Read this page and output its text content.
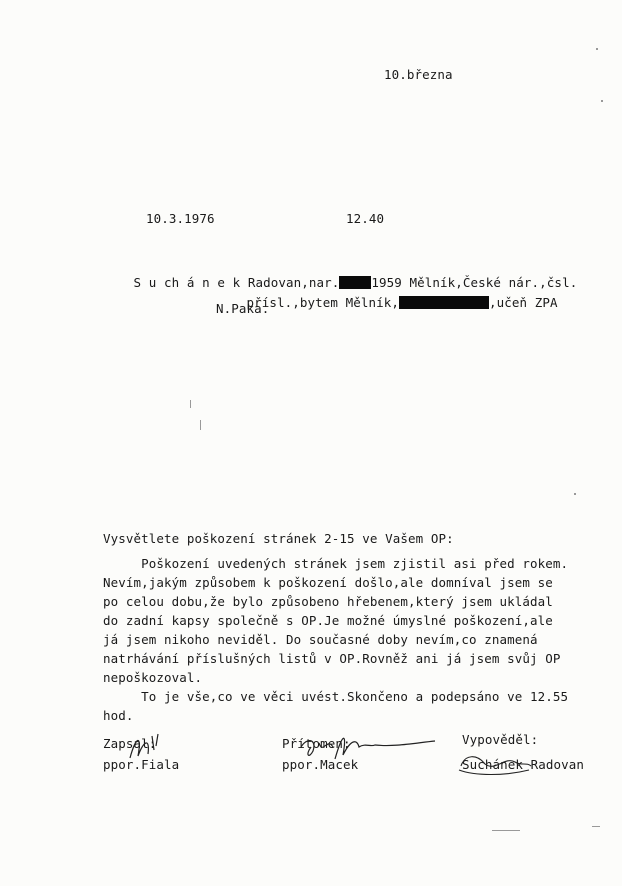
10.března
10.3.1976	12.40

S u ch á n e k Radovan,nar.	1959 Mělník,České nár.,čsl.

přísl.,bytem Mělník,	,učeň ZPA

N.Paka.
Vysvětlete poškození stránek 2-15 ve Vašem OP:
Poškození uvedených stránek jsem zjistil asi před rokem.
Nevím,jakým způsobem k poškození došlo,ale domníval jsem se
po celou dobu,že bylo způsobeno hřebenem,který jsem ukládal
do zadní kapsy společně s OP.Je možné úmyslné poškození,ale
já jsem nikoho neviděl. Do současné doby nevím,co znamená
natrhávání příslušných listů v OP.Rovněž ani já jsem svůj OP
nepoškozoval.
To je vše,co ve věci uvést.Skončeno a podepsáno ve 12.55
hod.
Zapsal:
ppor.Fiala
Přítomen:
ppor.Macek
Vypověděl:
Suchánek Radovan
